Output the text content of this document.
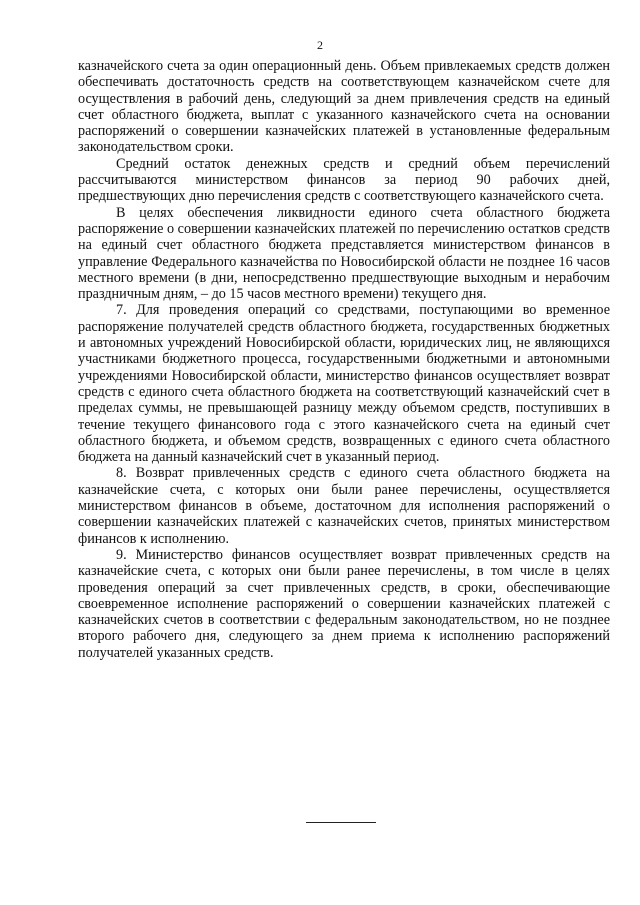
2

казначейского счета за один операционный день. Объем привлекаемых средств должен обеспечивать достаточность средств на соответствующем казначейском счете для осуществления в рабочий день, следующий за днем привлечения средств на единый счет областного бюджета, выплат с указанного казначейского счета на основании распоряжений о совершении казначейских платежей в установленные федеральным законодательством сроки.

Средний остаток денежных средств и средний объем перечислений рассчитываются министерством финансов за период 90 рабочих дней, предшествующих дню перечисления средств с соответствующего казначейского счета.

В целях обеспечения ликвидности единого счета областного бюджета распоряжение о совершении казначейских платежей по перечислению остатков средств на единый счет областного бюджета представляется министерством финансов в управление Федерального казначейства по Новосибирской области не позднее 16 часов местного времени (в дни, непосредственно предшествующие выходным и нерабочим праздничным дням, – до 15 часов местного времени) текущего дня.

7. Для проведения операций со средствами, поступающими во временное распоряжение получателей средств областного бюджета, государственных бюджетных и автономных учреждений Новосибирской области, юридических лиц, не являющихся участниками бюджетного процесса, государственными бюджетными и автономными учреждениями Новосибирской области, министерство финансов осуществляет возврат средств с единого счета областного бюджета на соответствующий казначейский счет в пределах суммы, не превышающей разницу между объемом средств, поступивших в течение текущего финансового года с этого казначейского счета на единый счет областного бюджета, и объемом средств, возвращенных с единого счета областного бюджета на данный казначейский счет в указанный период.

8. Возврат привлеченных средств с единого счета областного бюджета на казначейские счета, с которых они были ранее перечислены, осуществляется министерством финансов в объеме, достаточном для исполнения распоряжений о совершении казначейских платежей с казначейских счетов, принятых министерством финансов к исполнению.

9. Министерство финансов осуществляет возврат привлеченных средств на казначейские счета, с которых они были ранее перечислены, в том числе в целях проведения операций за счет привлеченных средств, в сроки, обеспечивающие своевременное исполнение распоряжений о совершении казначейских платежей с казначейских счетов в соответствии с федеральным законодательством, но не позднее второго рабочего дня, следующего за днем приема к исполнению распоряжений получателей указанных средств.
